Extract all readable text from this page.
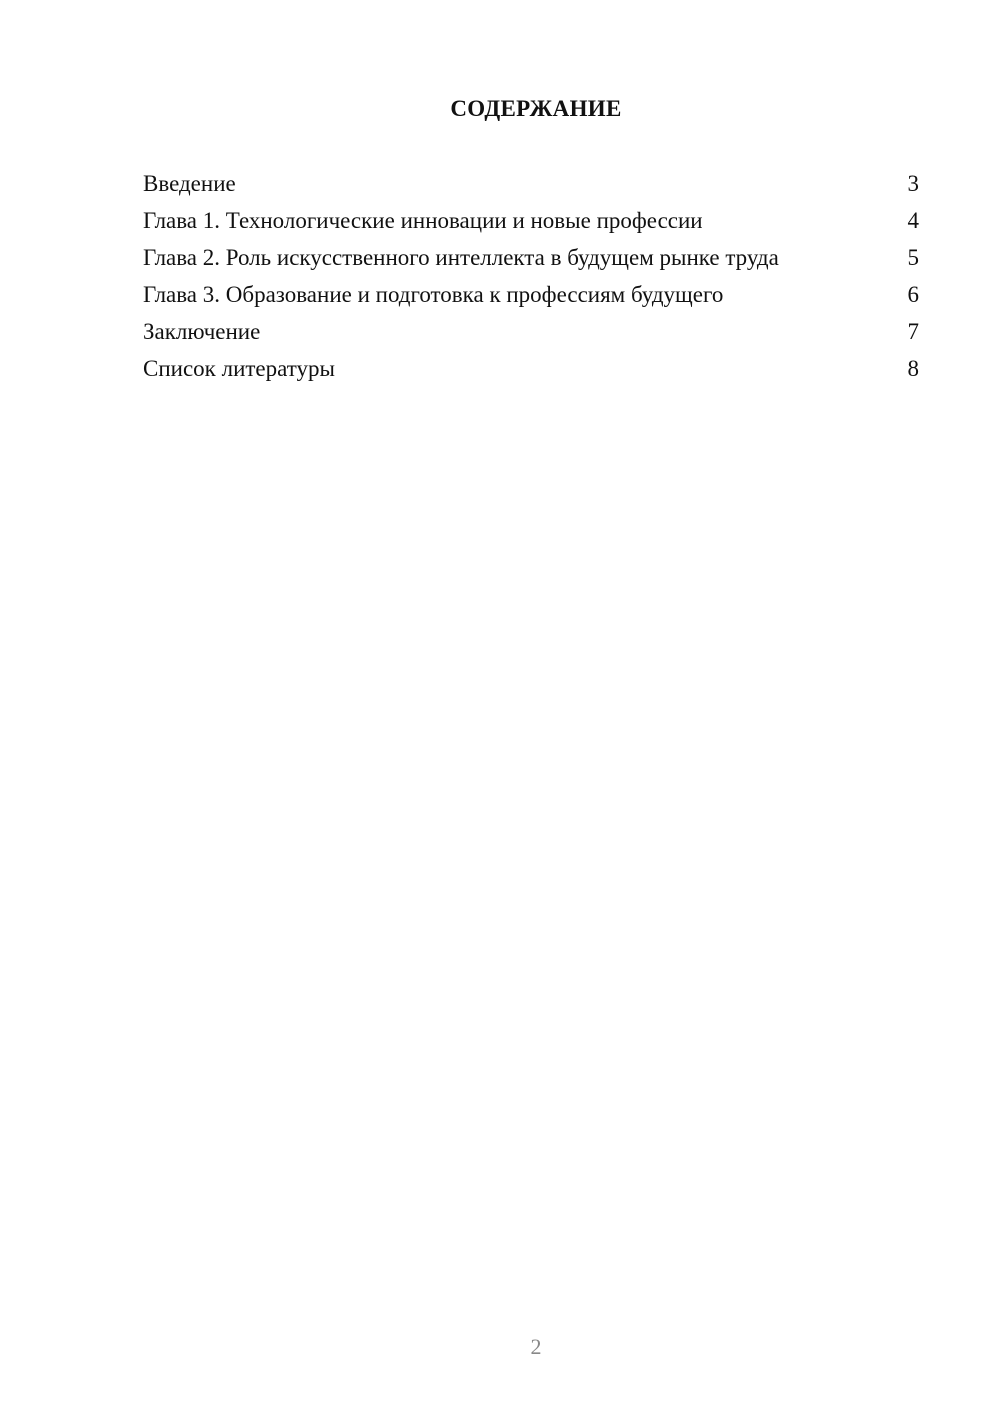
СОДЕРЖАНИЕ
Введение	3
Глава 1. Технологические инновации и новые профессии	4
Глава 2. Роль искусственного интеллекта в будущем рынке труда	5
Глава 3. Образование и подготовка к профессиям будущего	6
Заключение	7
Список литературы	8
2
